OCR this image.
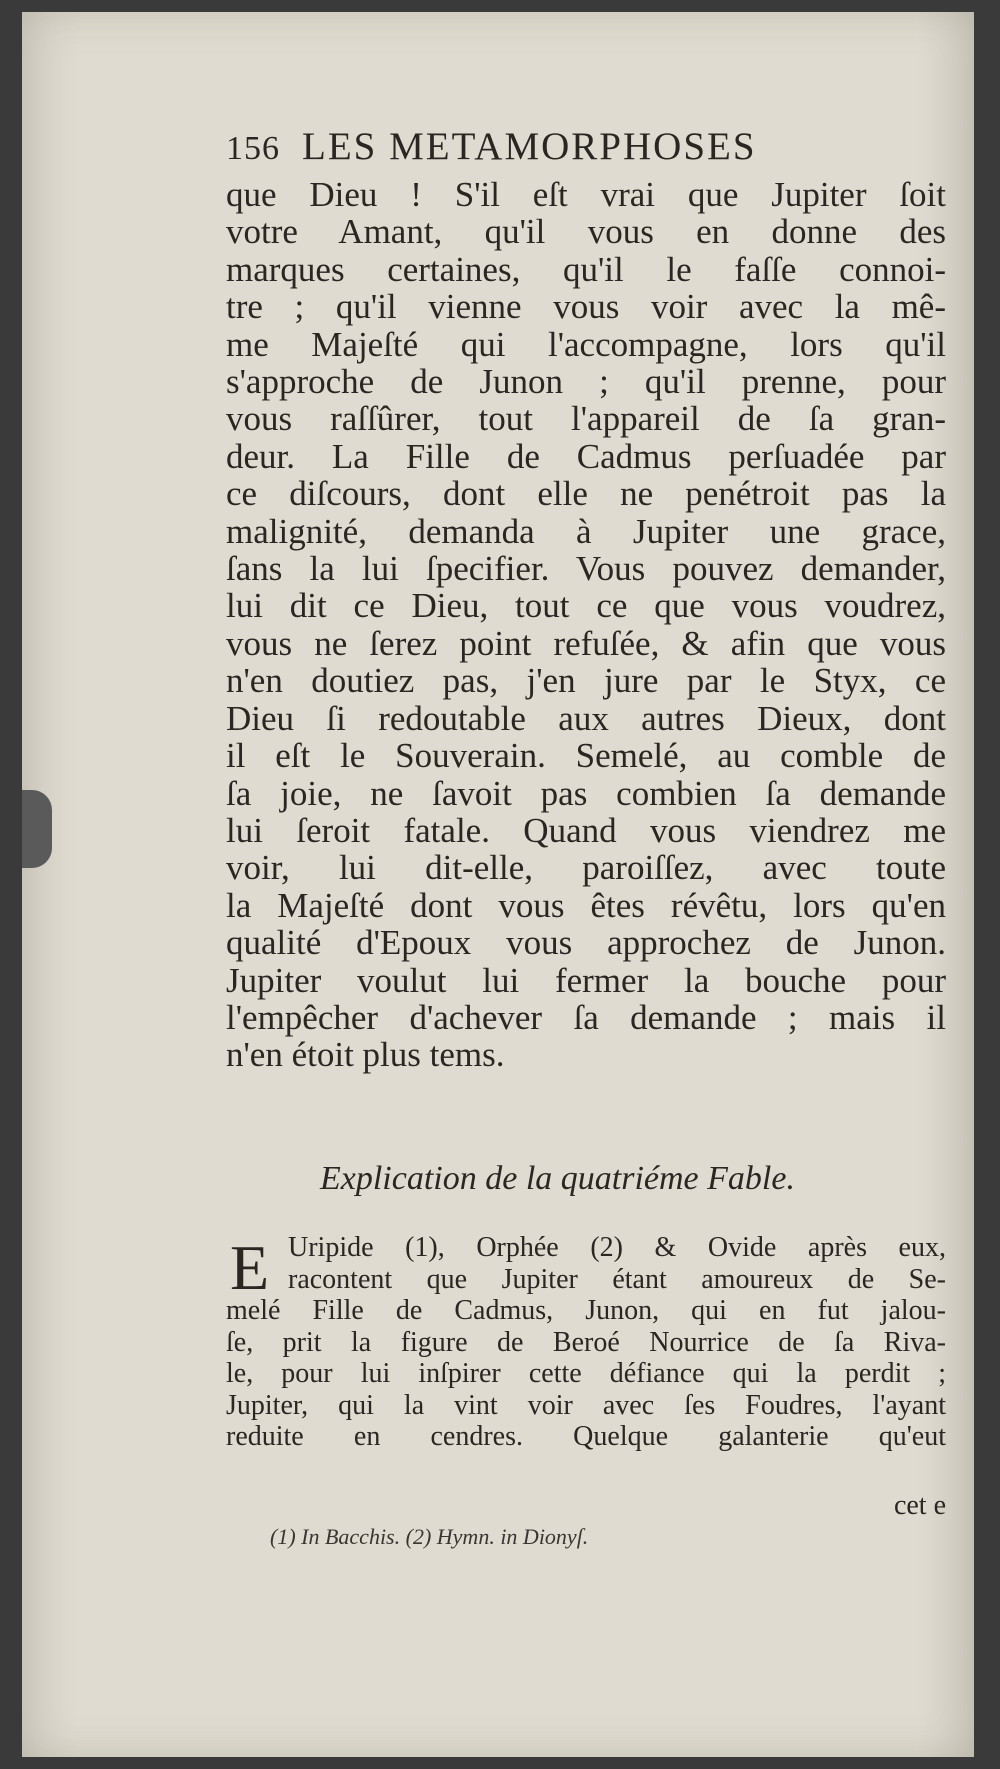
156 LES METAMORPHOSES
que Dieu ! S'il eſt vrai que Jupiter ſoit
votre Amant, qu'il vous en donne des
marques certaines, qu'il le faſſe connoi-
tre ; qu'il vienne vous voir avec la mê-
me Majeſté qui l'accompagne, lors qu'il
s'approche de Junon ; qu'il prenne, pour
vous raſſûrer, tout l'appareil de ſa gran-
deur. La Fille de Cadmus perſuadée par
ce diſcours, dont elle ne penétroit pas la
malignité, demanda à Jupiter une grace,
ſans la lui ſpecifier. Vous pouvez demander,
lui dit ce Dieu, tout ce que vous voudrez,
vous ne ſerez point refuſée, & afin que vous
n'en doutiez pas, j'en jure par le Styx, ce
Dieu ſi redoutable aux autres Dieux, dont
il eſt le Souverain. Semelé, au comble de
ſa joie, ne ſavoit pas combien ſa demande
lui ſeroit fatale. Quand vous viendrez me
voir, lui dit-elle, paroiſſez, avec toute
la Majeſté dont vous êtes révêtu, lors qu'en
qualité d'Epoux vous approchez de Junon.
Jupiter voulut lui fermer la bouche pour
l'empêcher d'achever ſa demande ; mais il
n'en étoit plus tems.
Explication de la quatriéme Fable.
E Uripide (1), Orphée (2) & Ovide après eux,
racontent que Jupiter étant amoureux de Se-
melé Fille de Cadmus, Junon, qui en fut jalou-
ſe, prit la figure de Beroé Nourrice de ſa Riva-
le, pour lui inſpirer cette défiance qui la perdit ;
Jupiter, qui la vint voir avec ſes Foudres, l'ayant
reduite en cendres. Quelque galanterie qu'eut
cet e
(1) In Bacchis. (2) Hymn. in Dionyſ.
